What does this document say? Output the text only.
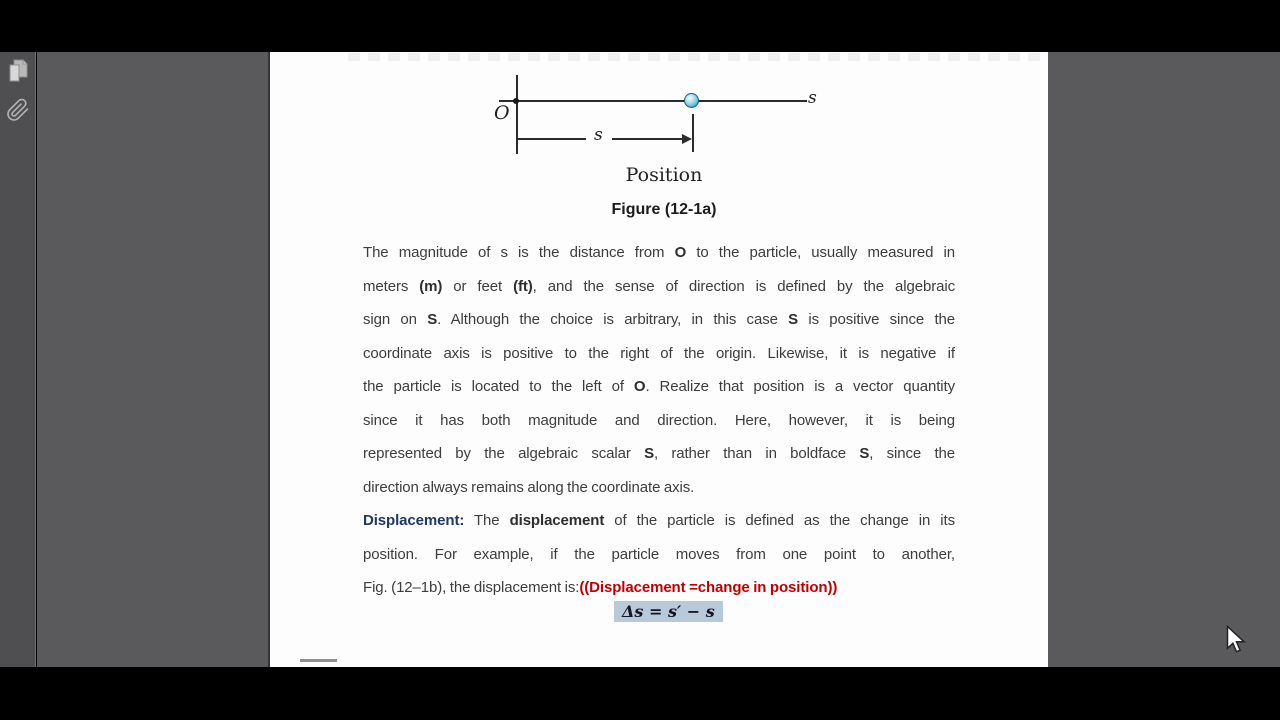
O
s
s
Position
Figure (12-1a)
The magnitude of s is the distance from O to the particle, usually measured in
meters (m) or feet (ft), and the sense of direction is defined by the algebraic
sign on S. Although the choice is arbitrary, in this case S is positive since the
coordinate axis is positive to the right of the origin. Likewise, it is negative if
the particle is located to the left of O. Realize that position is a vector quantity
since it has both magnitude and direction. Here, however, it is being
represented by the algebraic scalar S, rather than in boldface S, since the
direction always remains along the coordinate axis.
Displacement: The displacement of the particle is defined as the change in its
position. For example, if the particle moves from one point to another,
Fig. (12–1b), the displacement is:((Displacement =change in position))
Δs = s′ − s
